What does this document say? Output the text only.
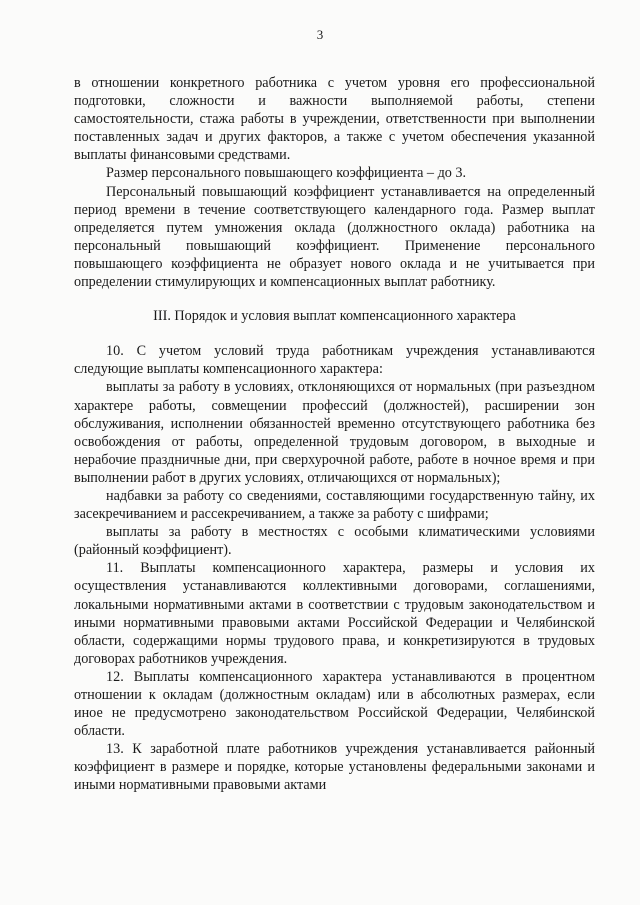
3

в отношении конкретного работника с учетом уровня его профессиональной подготовки, сложности и важности выполняемой работы, степени самостоятельности, стажа работы в учреждении, ответственности при выполнении поставленных задач и других факторов, а также с учетом обеспечения указанной выплаты финансовыми средствами.

Размер персонального повышающего коэффициента – до 3.

Персональный повышающий коэффициент устанавливается на определенный период времени в течение соответствующего календарного года. Размер выплат определяется путем умножения оклада (должностного оклада) работника на персональный повышающий коэффициент. Применение персонального повышающего коэффициента не образует нового оклада и не учитывается при определении стимулирующих и компенсационных выплат работнику.

III. Порядок и условия выплат компенсационного характера

10. С учетом условий труда работникам учреждения устанавливаются следующие выплаты компенсационного характера:

выплаты за работу в условиях, отклоняющихся от нормальных (при разъездном характере работы, совмещении профессий (должностей), расширении зон обслуживания, исполнении обязанностей временно отсутствующего работника без освобождения от работы, определенной трудовым договором, в выходные и нерабочие праздничные дни, при сверхурочной работе, работе в ночное время и при выполнении работ в других условиях, отличающихся от нормальных);

надбавки за работу со сведениями, составляющими государственную тайну, их засекречиванием и рассекречиванием, а также за работу с шифрами;

выплаты за работу в местностях с особыми климатическими условиями (районный коэффициент).

11. Выплаты компенсационного характера, размеры и условия их осуществления устанавливаются коллективными договорами, соглашениями, локальными нормативными актами в соответствии с трудовым законодательством и иными нормативными правовыми актами Российской Федерации и Челябинской области, содержащими нормы трудового права, и конкретизируются в трудовых договорах работников учреждения.

12. Выплаты компенсационного характера устанавливаются в процентном отношении к окладам (должностным окладам) или в абсолютных размерах, если иное не предусмотрено законодательством Российской Федерации, Челябинской области.

13. К заработной плате работников учреждения устанавливается районный коэффициент в размере и порядке, которые установлены федеральными законами и иными нормативными правовыми актами
